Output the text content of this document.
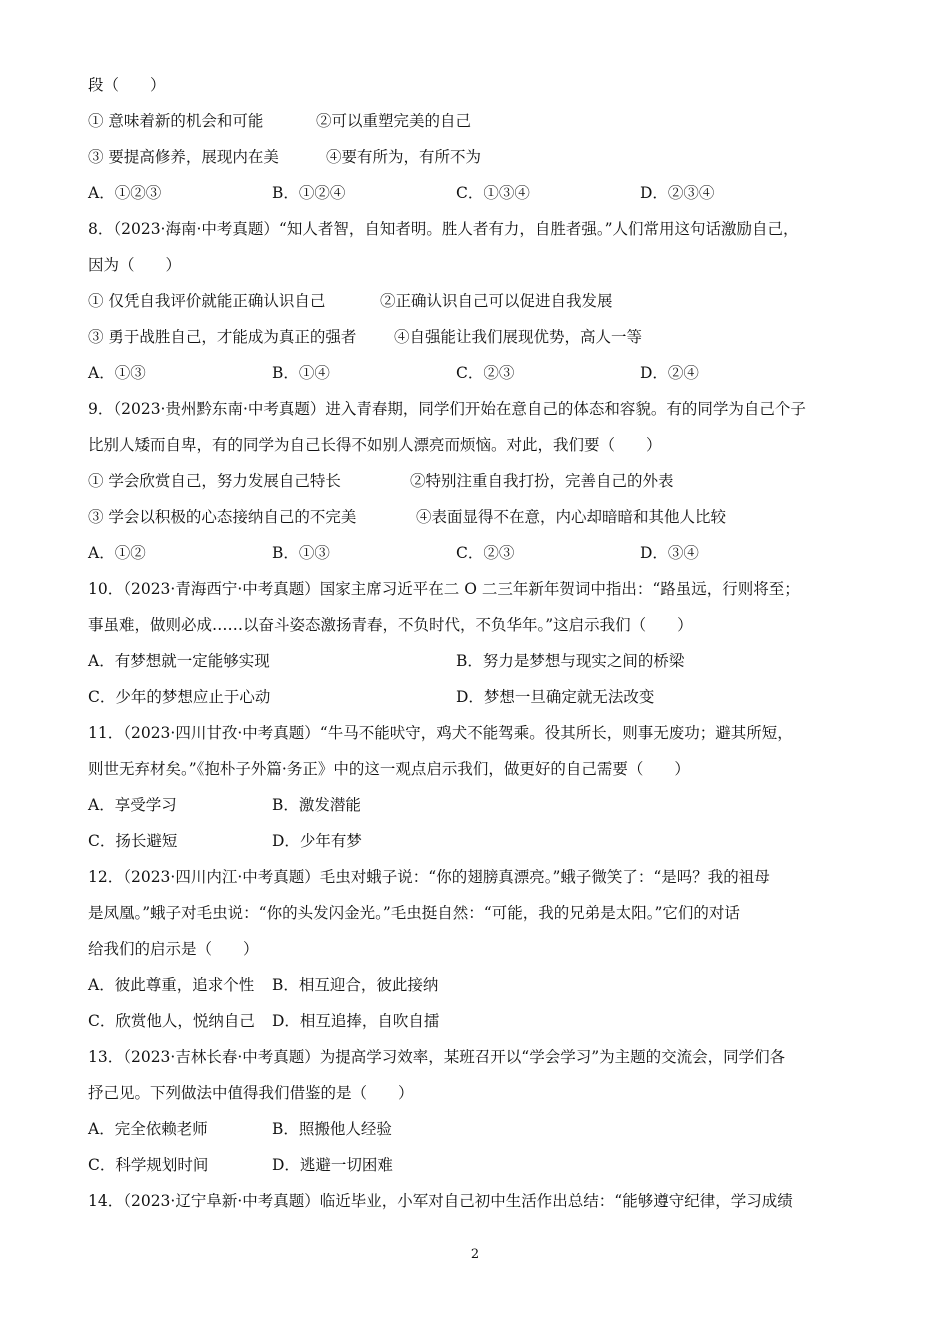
段（　　）
① 意味着新的机会和可能	②可以重塑完美的自己
③ 要提高修养，展现内在美	④要有所为，有所不为
A．①②③	B．①②④	C．①③④	D．②③④
8．（2023·海南·中考真题）“知人者智，自知者明。胜人者有力，自胜者强。”人们常用这句话激励自己，
因为（　　）
① 仅凭自我评价就能正确认识自己	②正确认识自己可以促进自我发展
③ 勇于战胜自己，才能成为真正的强者 ④自强能让我们展现优势，高人一等
A．①③	B．①④	C．②③	D．②④
9．（2023·贵州黔东南·中考真题）进入青春期，同学们开始在意自己的体态和容貌。有的同学为自己个子
比别人矮而自卑，有的同学为自己长得不如别人漂亮而烦恼。对此，我们要（　　）
① 学会欣赏自己，努力发展自己特长	②特别注重自我打扮，完善自己的外表
③ 学会以积极的心态接纳自己的不完美	④表面显得不在意，内心却暗暗和其他人比较
A．①②	B．①③	C．②③	D．③④
10．（2023·青海西宁·中考真题）国家主席习近平在二 O 二三年新年贺词中指出：“路虽远，行则将至；
事虽难，做则必成……以奋斗姿态激扬青春，不负时代，不负华年。”这启示我们（　　）
A．有梦想就一定能够实现	B．努力是梦想与现实之间的桥梁
C．少年的梦想应止于心动	D．梦想一旦确定就无法改变
11．（2023·四川甘孜·中考真题）“牛马不能吠守，鸡犬不能驾乘。役其所长，则事无废功；避其所短，
则世无弃材矣。”《抱朴子外篇·务正》中的这一观点启示我们，做更好的自己需要（　　）
A．享受学习	B．激发潜能
C．扬长避短	D．少年有梦
12．（2023·四川内江·中考真题）毛虫对蛾子说：“你的翅膀真漂亮。”蛾子微笑了：“是吗？我的祖母
是凤凰。”蛾子对毛虫说：“你的头发闪金光。”毛虫挺自然：“可能，我的兄弟是太阳。”它们的对话
给我们的启示是（　　）
A．彼此尊重，追求个性 B．相互迎合，彼此接纳
C．欣赏他人，悦纳自己 D．相互追捧，自吹自擂
13．（2023·吉林长春·中考真题）为提高学习效率，某班召开以“学会学习”为主题的交流会，同学们各
抒己见。下列做法中值得我们借鉴的是（　　）
A．完全依赖老师	B．照搬他人经验
C．科学规划时间	D．逃避一切困难
14．（2023·辽宁阜新·中考真题）临近毕业，小军对自己初中生活作出总结：“能够遵守纪律，学习成绩
2
